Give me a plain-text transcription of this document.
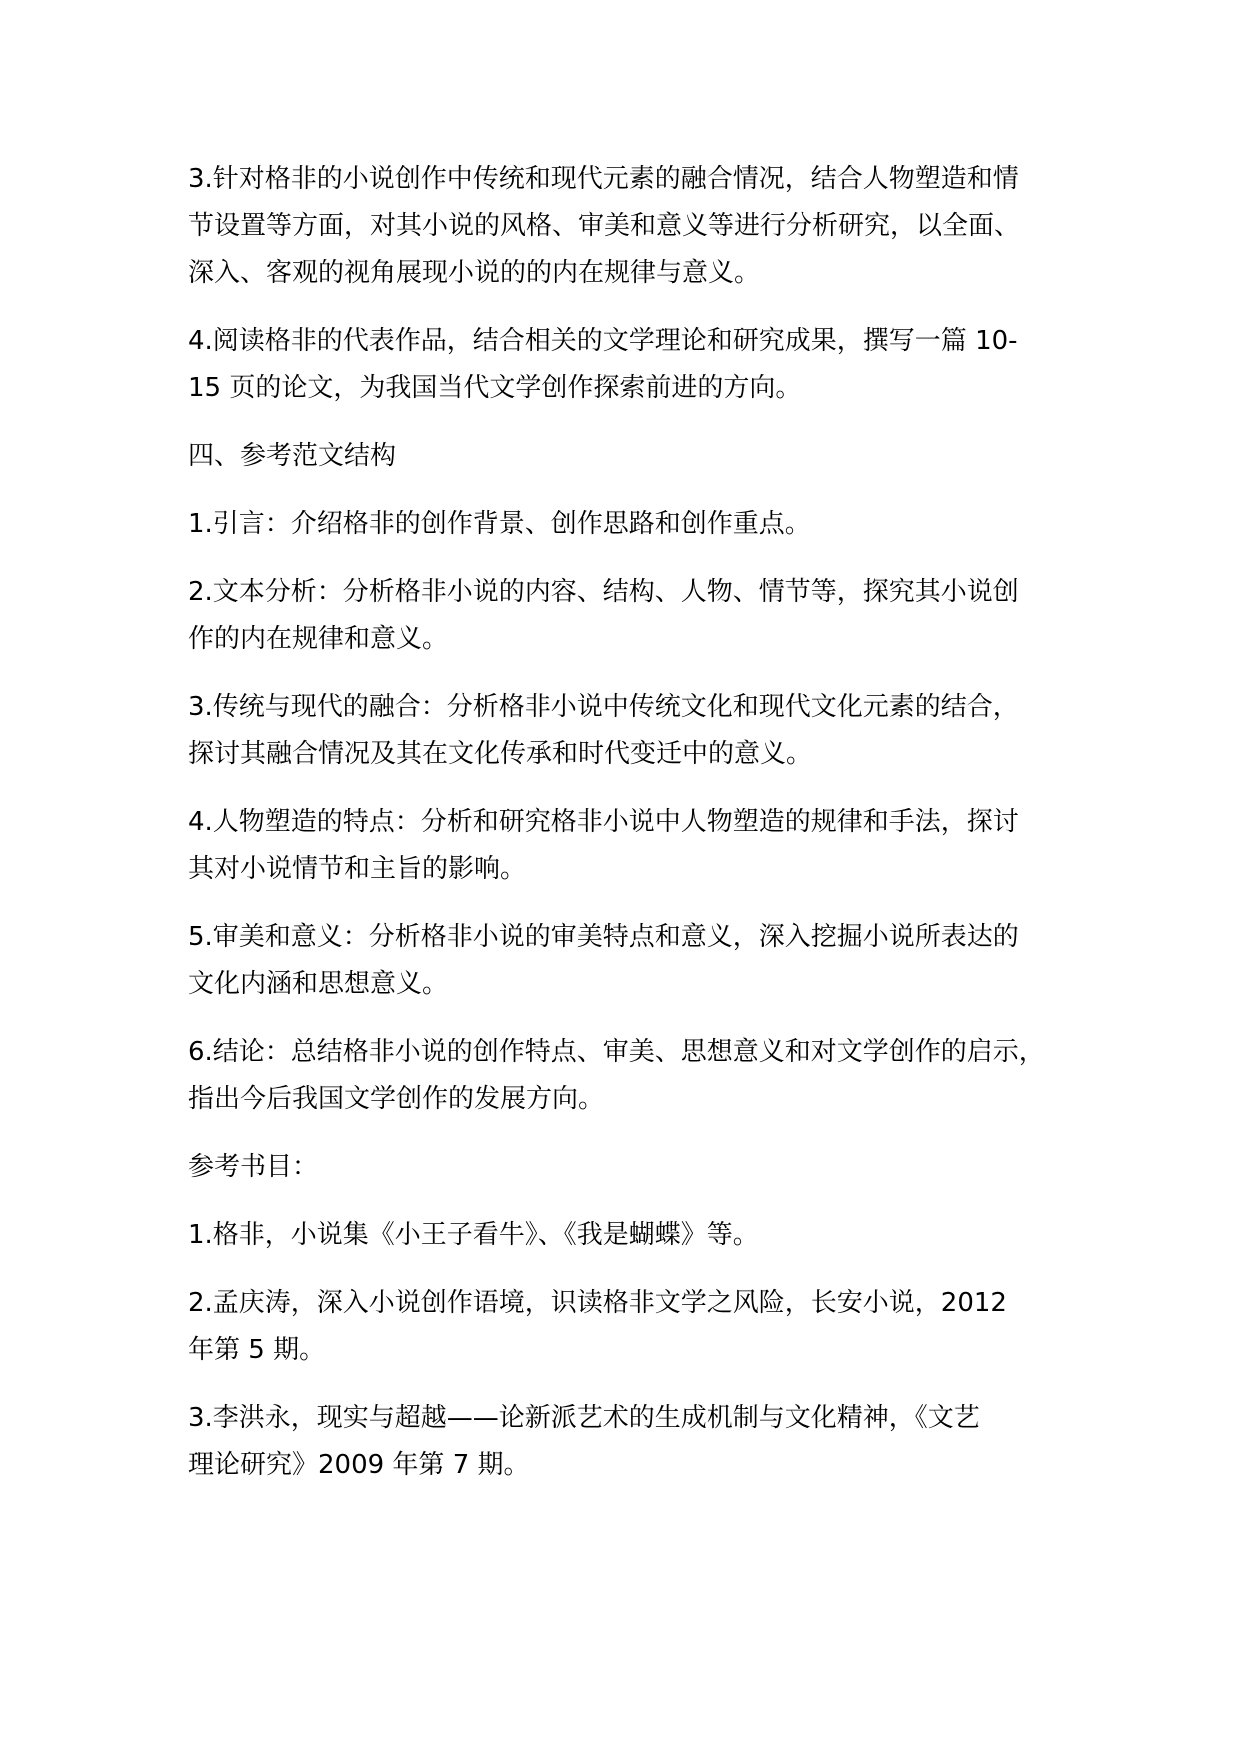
3.针对格非的小说创作中传统和现代元素的融合情况，结合人物塑造和情
节设置等方面，对其小说的风格、审美和意义等进行分析研究，以全面、
深入、客观的视角展现小说的的内在规律与意义。

4.阅读格非的代表作品，结合相关的文学理论和研究成果，撰写一篇 10-
15 页的论文，为我国当代文学创作探索前进的方向。

四、参考范文结构

1.引言：介绍格非的创作背景、创作思路和创作重点。

2.文本分析：分析格非小说的内容、结构、人物、情节等，探究其小说创
作的内在规律和意义。

3.传统与现代的融合：分析格非小说中传统文化和现代文化元素的结合，
探讨其融合情况及其在文化传承和时代变迁中的意义。

4.人物塑造的特点：分析和研究格非小说中人物塑造的规律和手法，探讨
其对小说情节和主旨的影响。

5.审美和意义：分析格非小说的审美特点和意义，深入挖掘小说所表达的
文化内涵和思想意义。

6.结论：总结格非小说的创作特点、审美、思想意义和对文学创作的启示，
指出今后我国文学创作的发展方向。

参考书目：

1.格非，小说集《小王子看牛》、《我是蝴蝶》等。

2.孟庆涛，深入小说创作语境，识读格非文学之风险，长安小说，2012
年第 5 期。

3.李洪永，现实与超越——论新派艺术的生成机制与文化精神，《文艺
理论研究》2009 年第 7 期。
